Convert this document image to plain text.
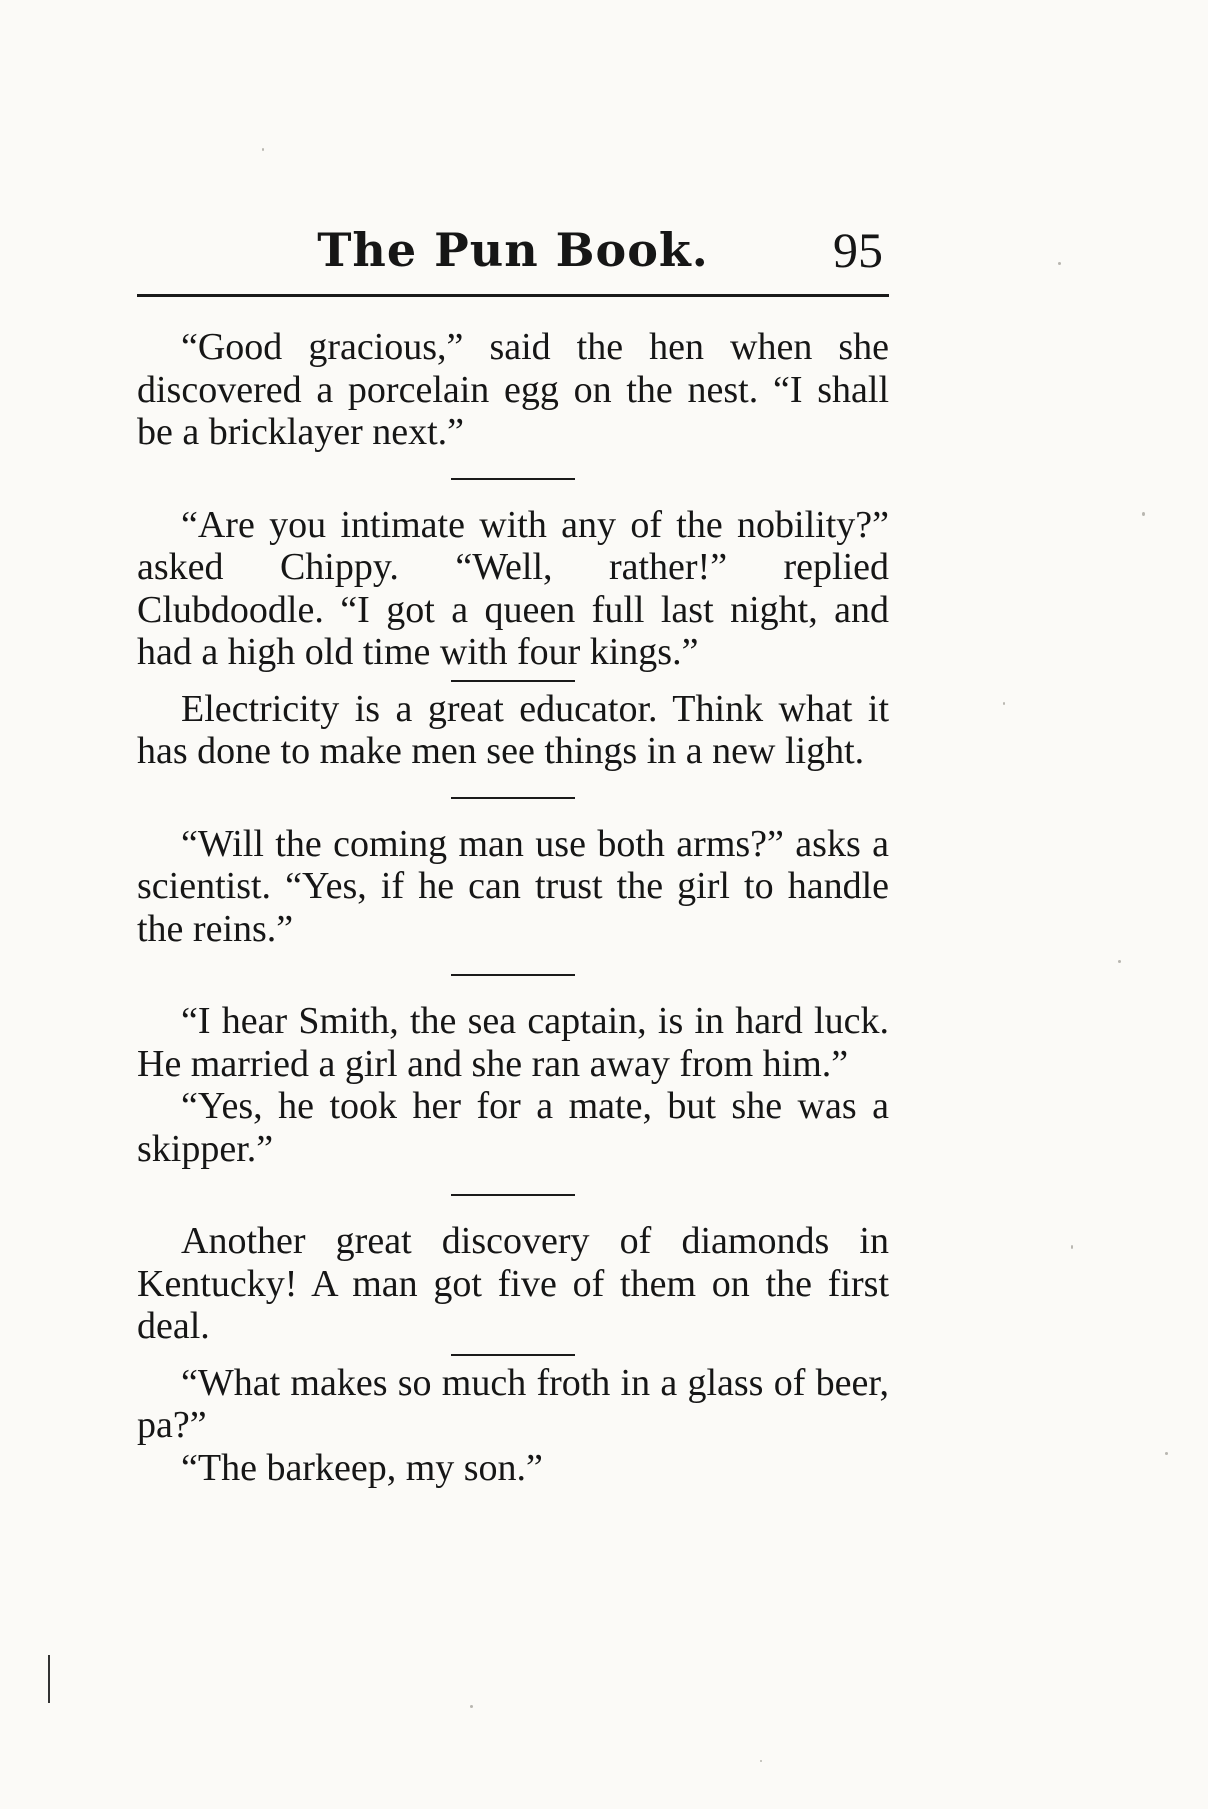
The Pun Book.	95

“Good gracious,” said the hen when she discovered a porcelain egg on the nest. “I shall be a bricklayer next.”

“Are you intimate with any of the nobility?” asked Chippy. “Well, rather!” replied Clubdoodle. “I got a queen full last night, and had a high old time with four kings.”

Electricity is a great educator. Think what it has done to make men see things in a new light.

“Will the coming man use both arms?” asks a scientist. “Yes, if he can trust the girl to handle the reins.”

“I hear Smith, the sea captain, is in hard luck. He married a girl and she ran away from him.”

“Yes, he took her for a mate, but she was a skipper.”

Another great discovery of diamonds in Kentucky! A man got five of them on the first deal.

“What makes so much froth in a glass of beer, pa?”

“The barkeep, my son.”
